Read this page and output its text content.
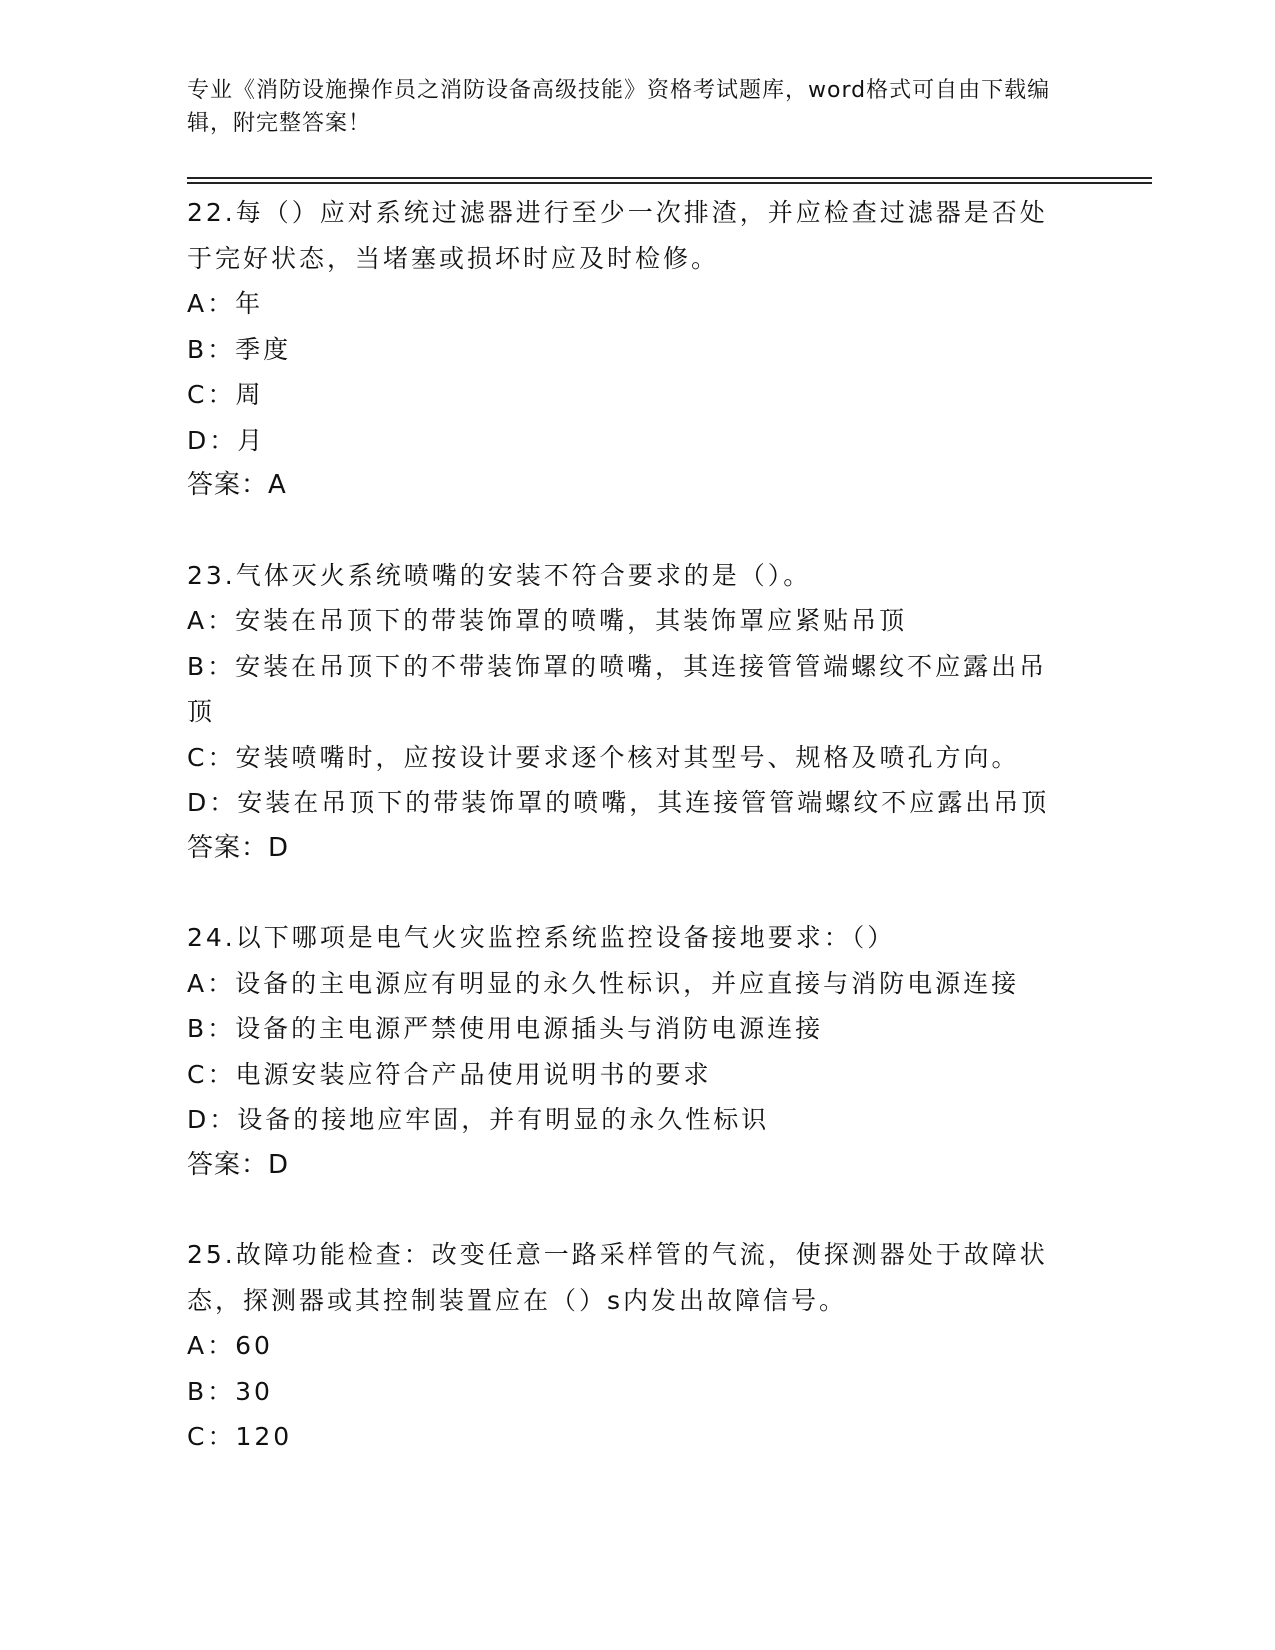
专业《消防设施操作员之消防设备高级技能》资格考试题库，word格式可自由下载编辑，附完整答案！
22.每（）应对系统过滤器进行至少一次排渣，并应检查过滤器是否处于完好状态，当堵塞或损坏时应及时检修。
A：年
B：季度
C：周
D：月
答案：A
23.气体灭火系统喷嘴的安装不符合要求的是（）。
A：安装在吊顶下的带装饰罩的喷嘴，其装饰罩应紧贴吊顶
B：安装在吊顶下的不带装饰罩的喷嘴，其连接管管端螺纹不应露出吊顶
C：安装喷嘴时，应按设计要求逐个核对其型号、规格及喷孔方向。
D：安装在吊顶下的带装饰罩的喷嘴，其连接管管端螺纹不应露出吊顶
答案：D
24.以下哪项是电气火灾监控系统监控设备接地要求：（）
A：设备的主电源应有明显的永久性标识，并应直接与消防电源连接
B：设备的主电源严禁使用电源插头与消防电源连接
C：电源安装应符合产品使用说明书的要求
D：设备的接地应牢固，并有明显的永久性标识
答案：D
25.故障功能检查：改变任意一路采样管的气流，使探测器处于故障状态，探测器或其控制装置应在（）s内发出故障信号。
A：60
B：30
C：120
